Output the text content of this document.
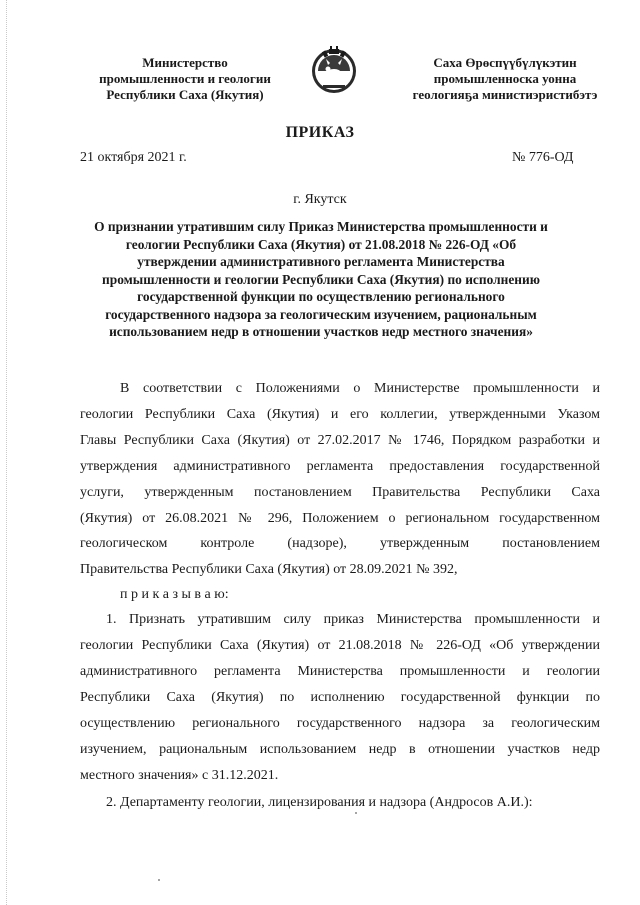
Министерство
промышленности и геологии
Республики Саха (Якутия)
Саха Өрөспүүбүлүкэтин
промышленноска уонна
геологияҕа министиэристибэтэ
ПРИКАЗ
21 октября 2021 г.	№ 776-ОД
г. Якутск
О признании утратившим силу Приказ Министерства промышленности и
геологии Республики Саха (Якутия) от 21.08.2018 № 226-ОД «Об
утверждении административного регламента Министерства
промышленности и геологии Республики Саха (Якутия) по исполнению
государственной функции по осуществлению регионального
государственного надзора за геологическим изучением, рациональным
использованием недр в отношении участков недр местного значения»
В соответствии с Положениями о Министерстве промышленности и
геологии Республики Саха (Якутия) и его коллегии, утвержденными Указом
Главы Республики Саха (Якутия) от 27.02.2017 № 1746, Порядком разработки и
утверждения административного регламента предоставления государственной
услуги, утвержденным постановлением Правительства Республики Саха
(Якутия) от 26.08.2021 № 296, Положением о региональном государственном
геологическом контроле (надзоре), утвержденным постановлением
Правительства Республики Саха (Якутия) от 28.09.2021 № 392,
п р и к а з ы в а ю:
1. Признать утратившим силу приказ Министерства промышленности и
геологии Республики Саха (Якутия) от 21.08.2018 № 226-ОД «Об утверждении
административного регламента Министерства промышленности и геологии
Республики Саха (Якутия) по исполнению государственной функции по
осуществлению регионального государственного надзора за геологическим
изучением, рациональным использованием недр в отношении участков недр
местного значения» с 31.12.2021.
2. Департаменту геологии, лицензирования и надзора (Андросов А.И.):
